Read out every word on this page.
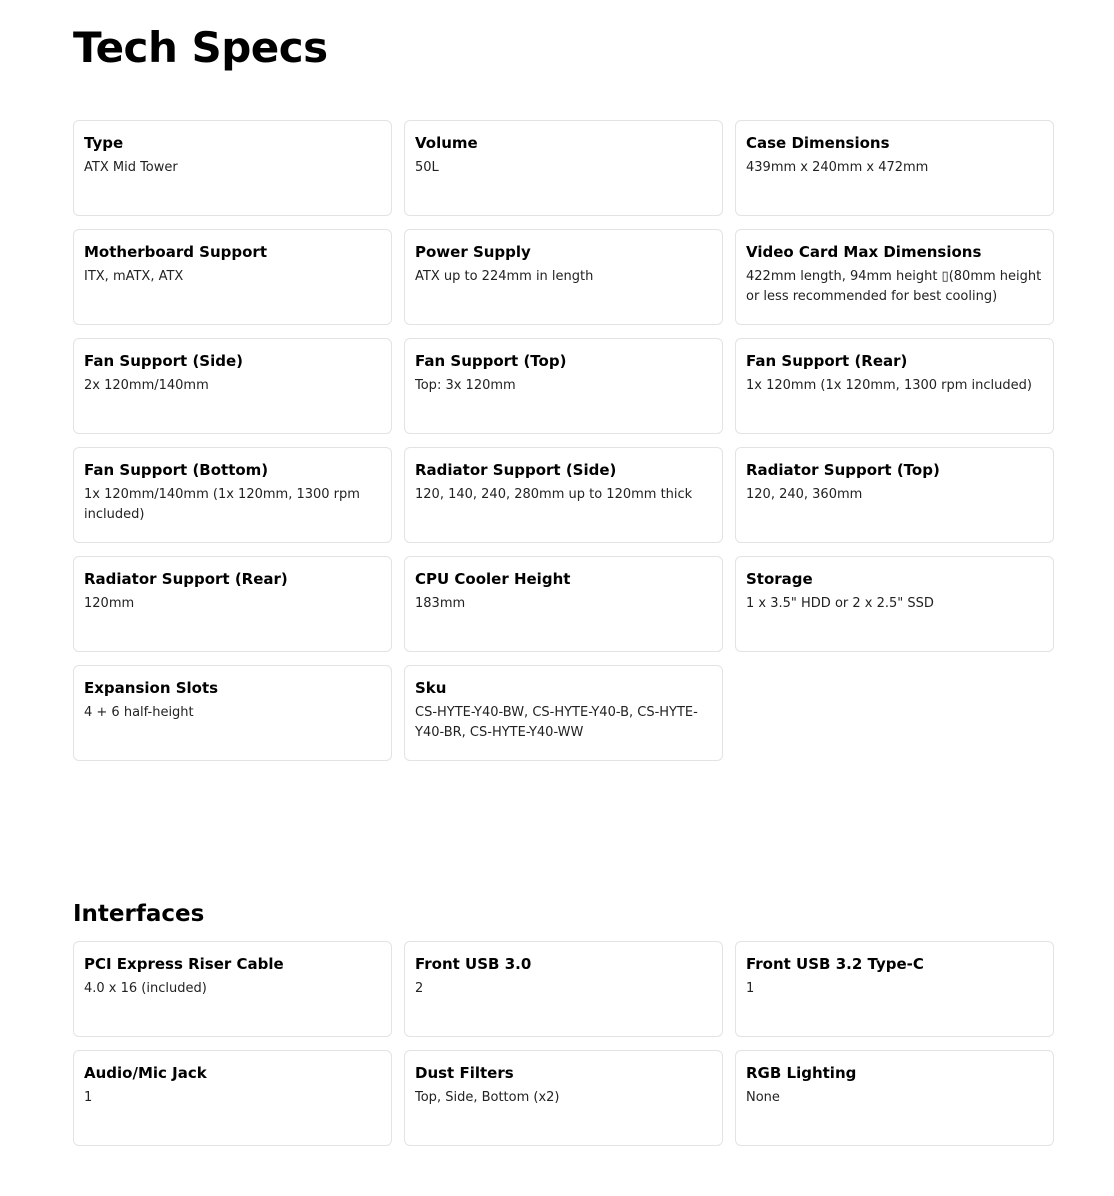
Tech Specs
Type
ATX Mid Tower
Volume
50L
Case Dimensions
439mm x 240mm x 472mm
Motherboard Support
ITX, mATX, ATX
Power Supply
ATX up to 224mm in length
Video Card Max Dimensions
422mm length, 94mm height ▯(80mm height or less recommended for best cooling)
Fan Support (Side)
2x 120mm/140mm
Fan Support (Top)
Top: 3x 120mm
Fan Support (Rear)
1x 120mm (1x 120mm, 1300 rpm included)
Fan Support (Bottom)
1x 120mm/140mm (1x 120mm, 1300 rpm included)
Radiator Support (Side)
120, 140, 240, 280mm up to 120mm thick
Radiator Support (Top)
120, 240, 360mm
Radiator Support (Rear)
120mm
CPU Cooler Height
183mm
Storage
1 x 3.5" HDD or 2 x 2.5" SSD
Expansion Slots
4 + 6 half-height
Sku
CS-HYTE-Y40-BW, CS-HYTE-Y40-B, CS-HYTE-Y40-BR, CS-HYTE-Y40-WW
Interfaces
PCI Express Riser Cable
4.0 x 16 (included)
Front USB 3.0
2
Front USB 3.2 Type-C
1
Audio/Mic Jack
1
Dust Filters
Top, Side, Bottom (x2)
RGB Lighting
None
